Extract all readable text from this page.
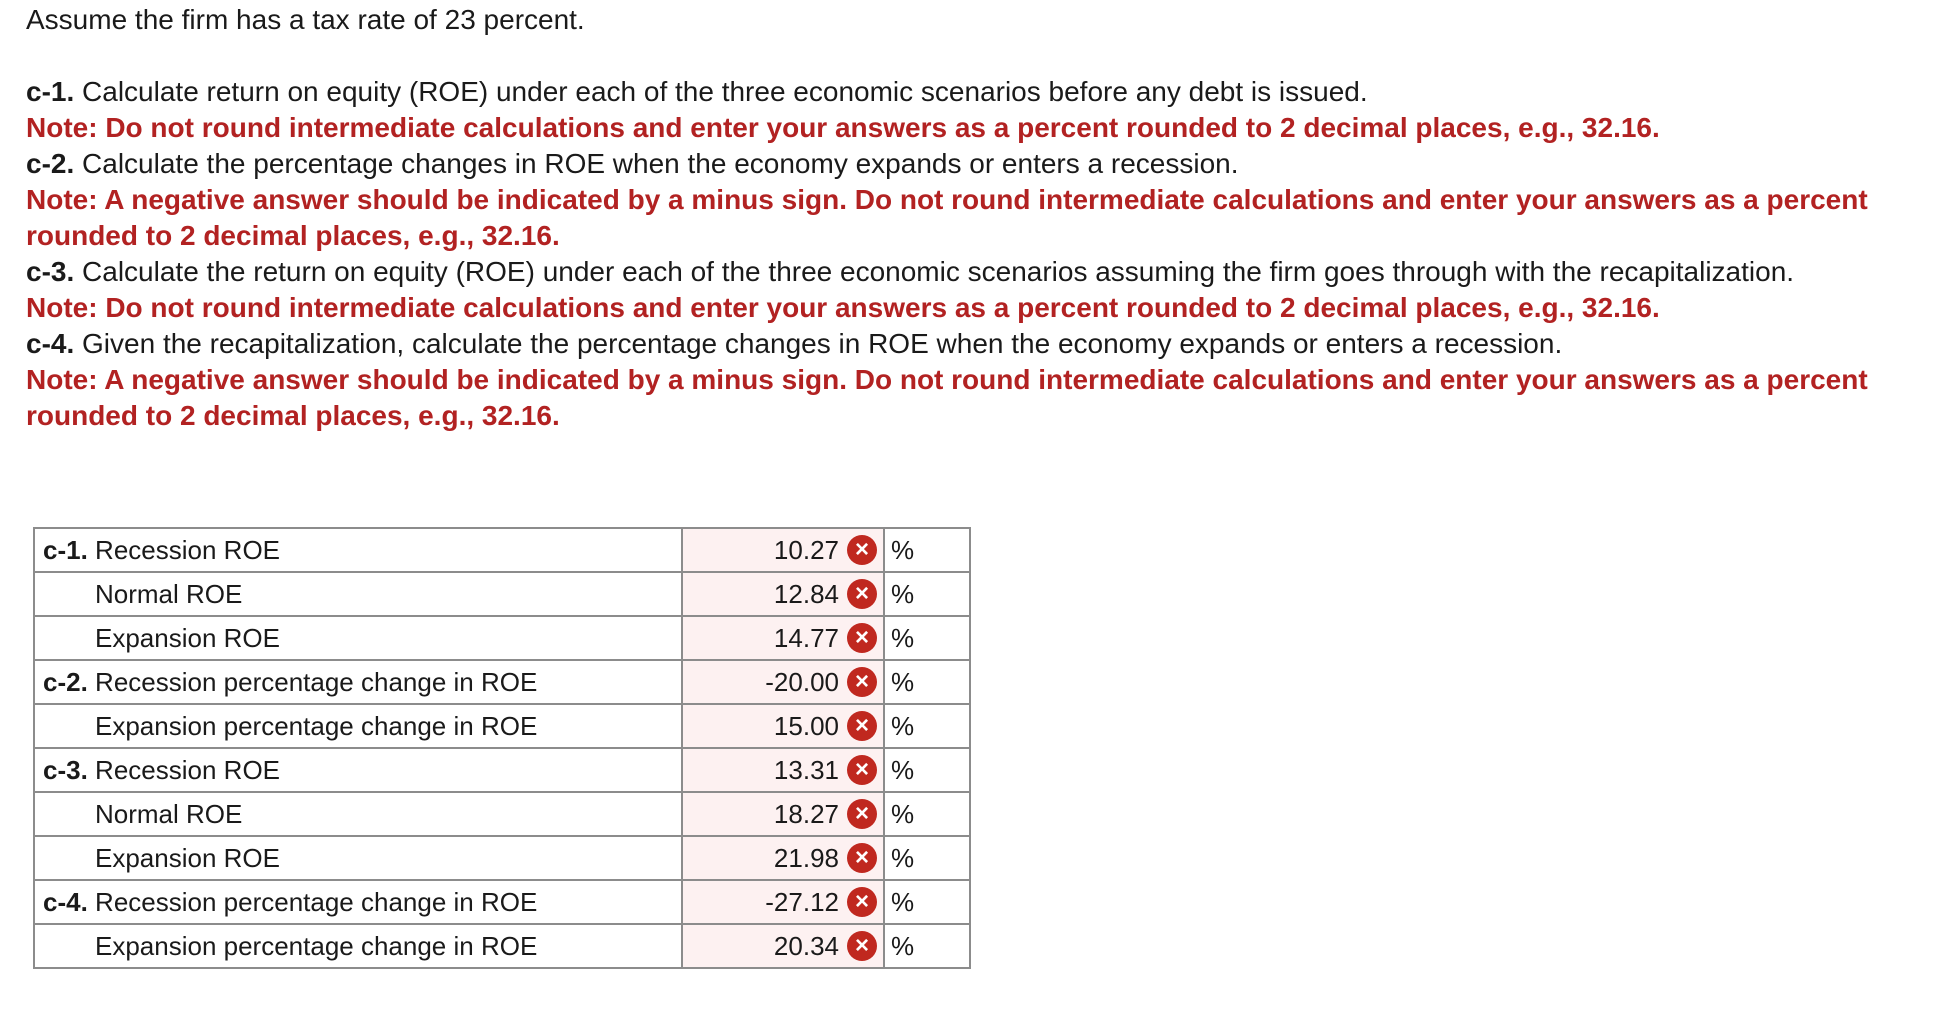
Assume the firm has a tax rate of 23 percent.

c-1. Calculate return on equity (ROE) under each of the three economic scenarios before any debt is issued.
Note: Do not round intermediate calculations and enter your answers as a percent rounded to 2 decimal places, e.g., 32.16.
c-2. Calculate the percentage changes in ROE when the economy expands or enters a recession.
Note: A negative answer should be indicated by a minus sign. Do not round intermediate calculations and enter your answers as a percent rounded to 2 decimal places, e.g., 32.16.
c-3. Calculate the return on equity (ROE) under each of the three economic scenarios assuming the firm goes through with the recapitalization.
Note: Do not round intermediate calculations and enter your answers as a percent rounded to 2 decimal places, e.g., 32.16.
c-4. Given the recapitalization, calculate the percentage changes in ROE when the economy expands or enters a recession.
Note: A negative answer should be indicated by a minus sign. Do not round intermediate calculations and enter your answers as a percent rounded to 2 decimal places, e.g., 32.16.
c-1. Recession ROE	10.27 ×	%
Normal ROE	12.84 ×	%
Expansion ROE	14.77 ×	%
c-2. Recession percentage change in ROE	-20.00 ×	%
Expansion percentage change in ROE	15.00 ×	%
c-3. Recession ROE	13.31 ×	%
Normal ROE	18.27 ×	%
Expansion ROE	21.98 ×	%
c-4. Recession percentage change in ROE	-27.12 ×	%
Expansion percentage change in ROE	20.34 ×	%
